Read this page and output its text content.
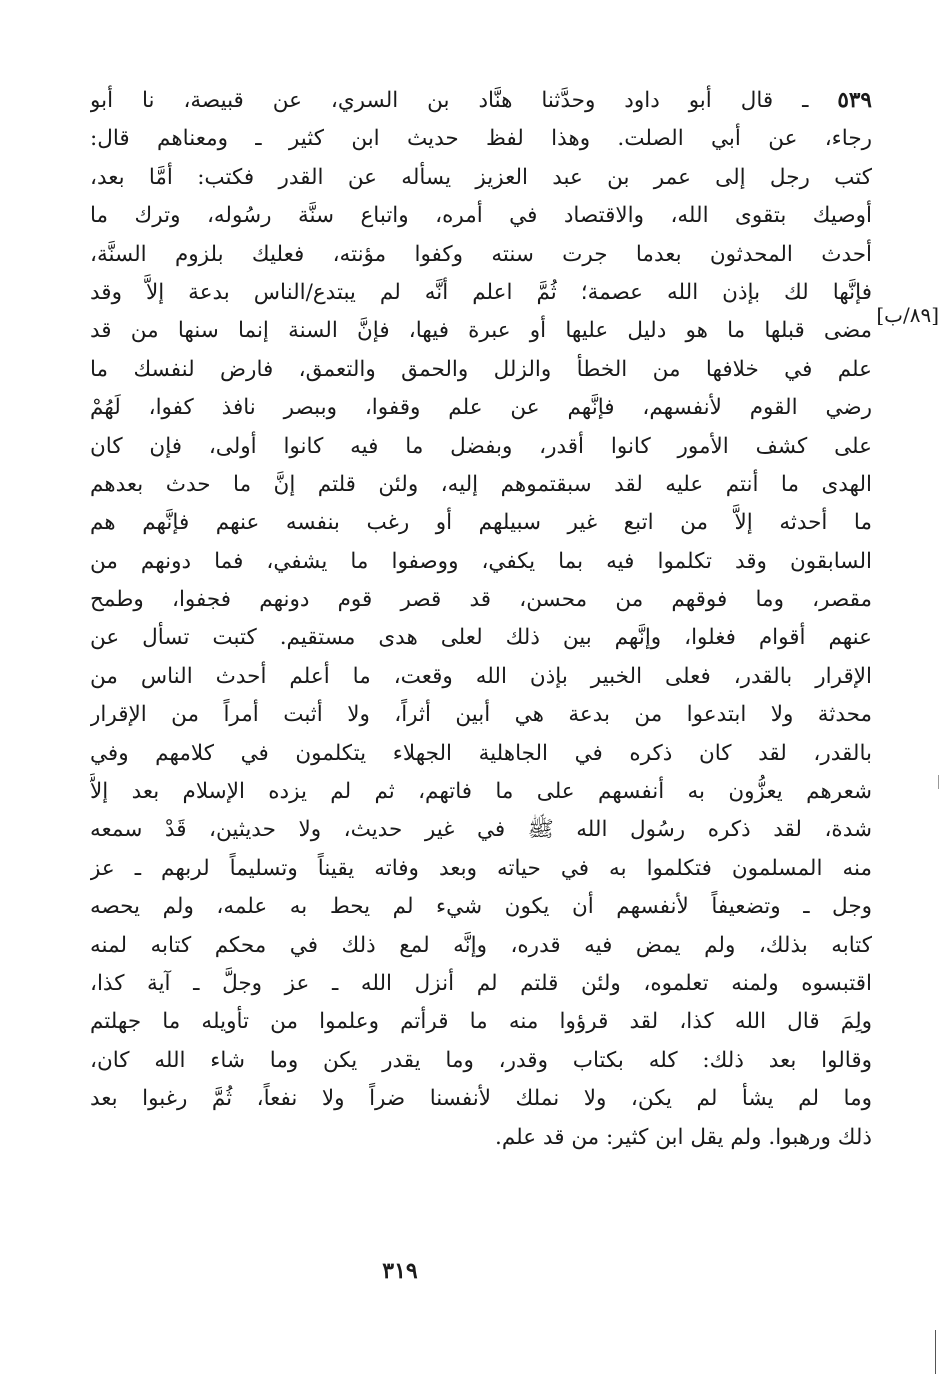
٥٣٩ ـ قال أبو داود وحدَّثنا هنَّاد بن السري، عن قبيصة، نا أبو
رجاء، عن أبي الصلت. وهذا لفظ حديث ابن كثير ـ ومعناهم قال:
كتب رجل إلى عمر بن عبد العزيز يسأله عن القدر فكتب: أمَّا بعد،
أوصيك بتقوى الله، والاقتصاد في أمره، واتباع سنَّة رسُوله، وترك ما
أحدث المحدثون بعدما جرت سنته وكفوا مؤنته، فعليك بلزوم السنَّة،
فإنَّها لك بإذن الله عصمة؛ ثُمَّ اعلم أنَّه لم يبتدع/الناس بدعة إلاَّ وقد
مضى قبلها ما هو دليل عليها أو عبرة فيها، فإنَّ السنة إنما سنها من قد
علم في خلافها من الخطأ والزلل والحمق والتعمق، فارض لنفسك ما
رضي القوم لأنفسهم، فإنَّهم عن علم وقفوا، وببصر نافذ كفوا، لَهُمْ
على كشف الأمور كانوا أقدر، وبفضل ما فيه كانوا أولى، فإن كان
الهدى ما أنتم عليه لقد سبقتموهم إليه، ولئن قلتم إنَّ ما حدث بعدهم
ما أحدثه إلاَّ من اتبع غير سبيلهم أو رغب بنفسه عنهم فإنَّهم هم
السابقون وقد تكلموا فيه بما يكفي، ووصفوا ما يشفي، فما دونهم من
مقصر، وما فوقهم من محسن، قد قصر قوم دونهم فجفوا، وطمح
عنهم أقوام فغلوا، وإنَّهم بين ذلك لعلى هدى مستقيم. كتبت تسأل عن
الإقرار بالقدر، فعلى الخبير بإذن الله وقعت، ما أعلم أحدث الناس من
محدثة ولا ابتدعوا من بدعة هي أبين أثراً، ولا أثبت أمراً من الإقرار
بالقدر، لقد كان ذكره في الجاهلية الجهلاء يتكلمون في كلامهم وفي
شعرهم يعزُّون به أنفسهم على ما فاتهم، ثم لم يزده الإسلام بعد إلاَّ
شدة، لقد ذكره رسُول الله ﷺ في غير حديث، ولا حديثين، قَدْ سمعه
منه المسلمون فتكلموا به في حياته وبعد وفاته يقيناً وتسليماً لربهم ـ عز
وجل ـ وتضعيفاً لأنفسهم أن يكون شيء لم يحط به علمه، ولم يحصه
كتابه بذلك، ولم يمض فيه قدره، وإنَّه لمع ذلك في محكم كتابه لمنه
اقتبسوه ولمنه تعلموه، ولئن قلتم لم أنزل الله ـ عز وجلَّ ـ آية كذا،
ولِمَ قال الله كذا، لقد قرؤوا منه ما قرأتم وعلموا من تأويله ما جهلتم
وقالوا بعد ذلك: كله بكتاب وقدر، وما يقدر يكن وما شاء الله كان،
وما لم يشأ لم يكن، ولا نملك لأنفسنا ضراً ولا نفعاً، ثُمَّ رغبوا بعد
ذلك ورهبوا. ولم يقل ابن كثير: من قد علم.
[٨٩/ب]
٣١٩
